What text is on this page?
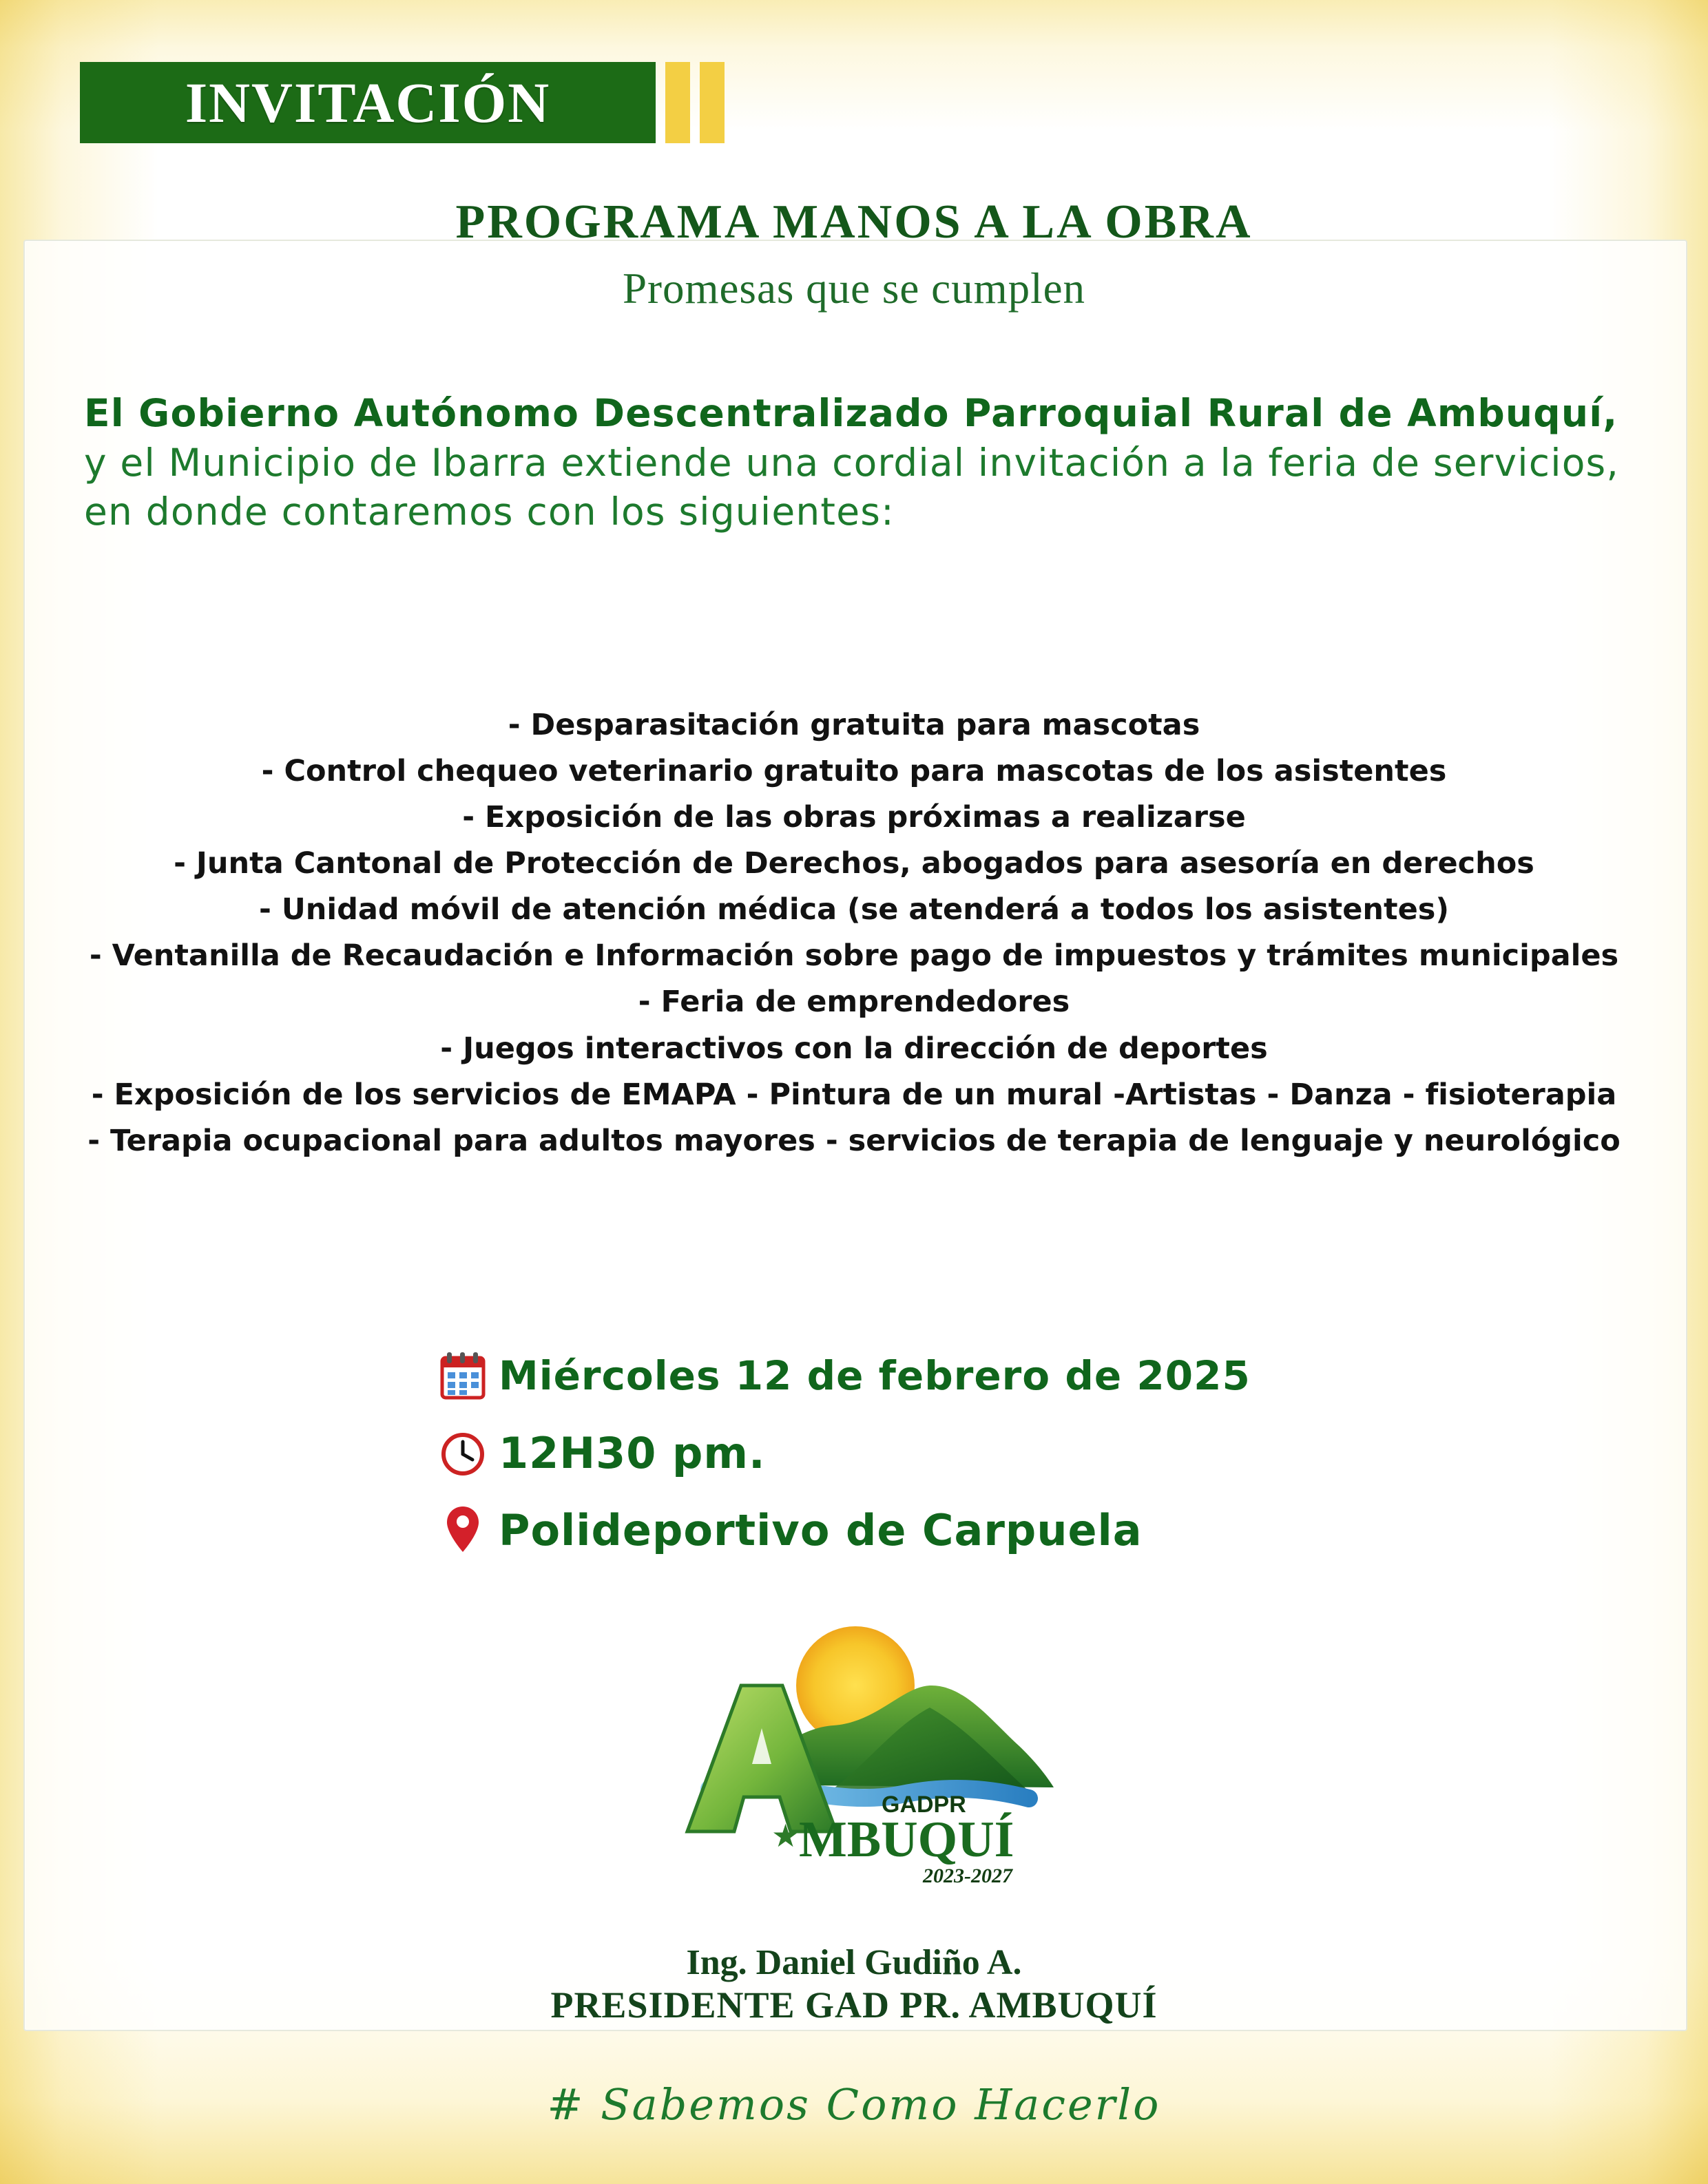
INVITACIÓN
PROGRAMA MANOS A LA OBRA
Promesas que se cumplen
El Gobierno Autónomo Descentralizado Parroquial Rural de Ambuquí, y el Municipio de Ibarra extiende una cordial invitación a la feria de servicios, en donde contaremos con los siguientes:
- Desparasitación gratuita para mascotas
- Control chequeo veterinario gratuito para mascotas de los asistentes
- Exposición de las obras próximas a realizarse
- Junta Cantonal de Protección de Derechos, abogados para asesoría en derechos
- Unidad móvil de atención médica (se atenderá a todos los asistentes)
- Ventanilla de Recaudación e Información sobre pago de impuestos y trámites municipales
- Feria de emprendedores
- Juegos interactivos con la dirección de deportes
- Exposición de los servicios de EMAPA - Pintura de un mural -Artistas - Danza - fisioterapia
- Terapia ocupacional para adultos mayores - servicios de terapia de lenguaje y neurológico
Miércoles 12 de febrero de 2025
12H30 pm.
Polideportivo de Carpuela
★
GADPR
MBUQUÍ
2023-2027
Ing. Daniel Gudiño A.
PRESIDENTE GAD PR. AMBUQUÍ
# Sabemos Como Hacerlo
